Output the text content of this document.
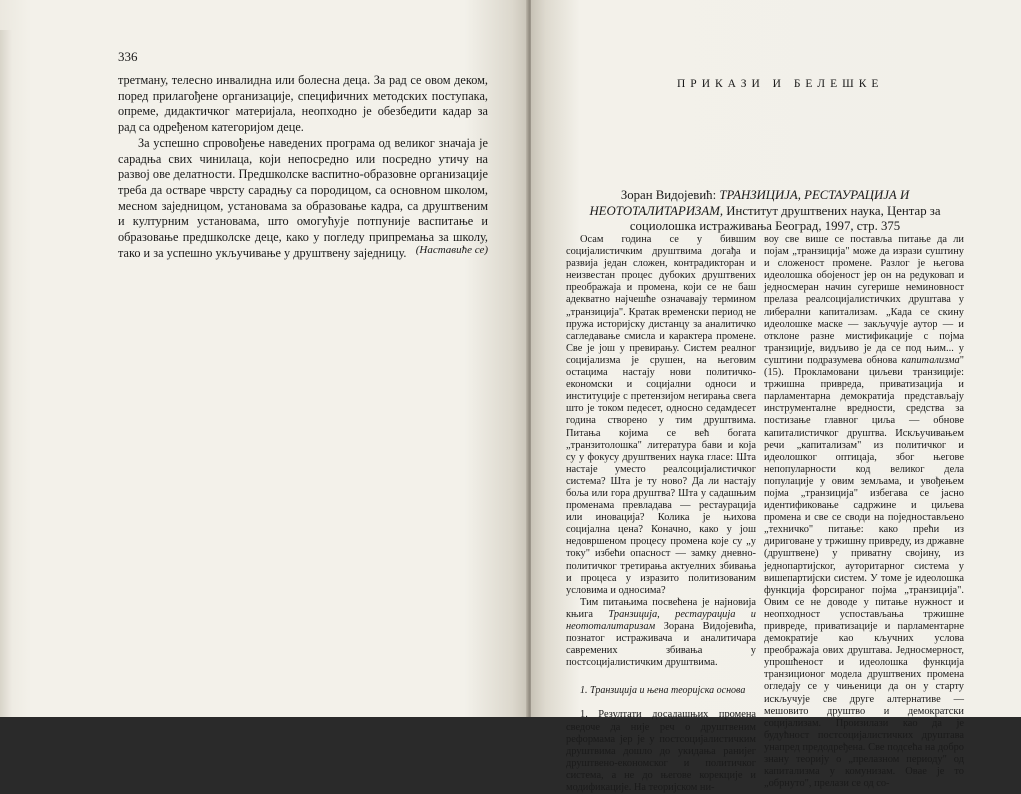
336

третману, телесно инвалидна или болесна деца. За рад се овом деком, поред прилагођене организације, специфичних методских поступака, опреме, дидактичког материјала, неопходно је обезбедити кадар за рад са одређеном категоријом деце.

За успешно спровођење наведених програма од великог значаја је сарадња свих чинилаца, који непосредно или посредно утичу на развој ове делатности. Предшколске васпитно-образовне организације треба да остваре чврсту сарадњу са породицом, са основном школом, месном заједницом, установама за образовање кадра, са друштвеним и културним установама, што омогућује потпуније васпитање и образовање предшколске деце, како у погледу припремања за школу, тако и за успешно укључивање у друштвену заједницу. (Наставиће се)
ПРИКАЗИ И БЕЛЕШКЕ
Зоран Видојевић: ТРАНЗИЦИЈА, РЕСТАУРАЦИЈА И НЕОТОТАЛИТАРИЗАМ, Институт друштвених наука, Центар за социолошка истраживања Београд, 1997, стр. 375

Осам година се у бившим социјалистичким друштвима догађа и развија један сложен, контрадикторан и неизвестан процес дубоких друштвених преображаја и промена, који се не баш адекватно најчешће означавају термином „транзиција". Кратак временски период не пружа историјску дистанцу за аналитичко сагледавање смисла и карактера промене. Све је још у превирању. Систем реалног социјализма је срушен, на његовим остацима настају нови политичко-економски и социјални односи и институције с претензијом негирања свега што је током педесет, односно седамдесет година створено у тим друштвима. Питања којима се већ богата „транзитолошка" литература бави и која су у фокусу друштвених наука гласе: Шта настаје уместо реалсоцијалистичког система? Шта је ту ново? Да ли настају боља или гора друштва? Шта у садашњим променама превладава — рестаурација или иновација? Колика је њихова социјална цена? Коначно, како у још недовршеном процесу промена које су „у току" избећи опасност — замку дневно-политичког третирања актуелних збивања и процеса у изразито политизованим условима и односима?

Тим питањима посвећена је најновија књига Транзиција, рестаурација и неототалитаризам Зорана Видојевића, познатог истраживача и аналитичара савремених збивања у постсоцијалистичким друштвима.

1. Транзиција и њена теоријска основа

1. Резултати досадашњих промена сведоче да није реч о друштвеним реформама јер је у постсоцијалистичким друштвима дошло до укидања ранијег друштвено-економског и политичког система, а не до његове корекције и модификације. На теоријском ни-

воу све више се поставља питање да ли појам „транзиција" може да изрази суштину и сложеност промене. Разлог је његова идеолошка обојеност јер он на редуковап и једносмеран начин сугерише неминовност прелаза реалсоцијалистичких друштава у либерални капитализам. „Када се скину идеолошке маске — закључује аутор — и отклоне разне мистификације с појма транзиције, видљиво је да се под њим... у суштини подразумева обнова капитализма" (15). Прокламовани циљеви транзиције: тржишна привреда, приватизација и парламентарна демократија представљају инструменталне вредности, средства за постизање главног циља — обнове капиталистичког друштва. Искључивањем речи „капитализам" из политичког и идеолошког оптицаја, због његове непопуларности код великог дела популације у овим земљама, и увођењем појма „транзиција" избегава се јасно идентификовање садржине и циљева промена и све се своди на поједностављено „техничко" питање: како прећи из дириговане у тржишну привреду, из државне (друштвене) у приватну својину, из једнопартијског, ауторитарног система у вишепартијски систем. У томе је идеолошка функција форсираног појма „транзиција". Овим се не доводе у питање нужност и неопходност успостављања тржишне привреде, приватизације и парламентарне демократије као кључних услова преображаја ових друштава. Једносмерност, упрошћеност и идеолошка функција транзиционог модела друштвених промена огледају се у чињеници да он у старту искључује све друге алтернативе — мешовито друштво и демократски социјализам. Произилази као да је будућност постсоцијалистичких друштава унапред предодређена. Све подсећа на добро знану теорију о „прелазном периоду" од капитализма у комунизам. Овае је то „обрнуто", прелази се од со-
